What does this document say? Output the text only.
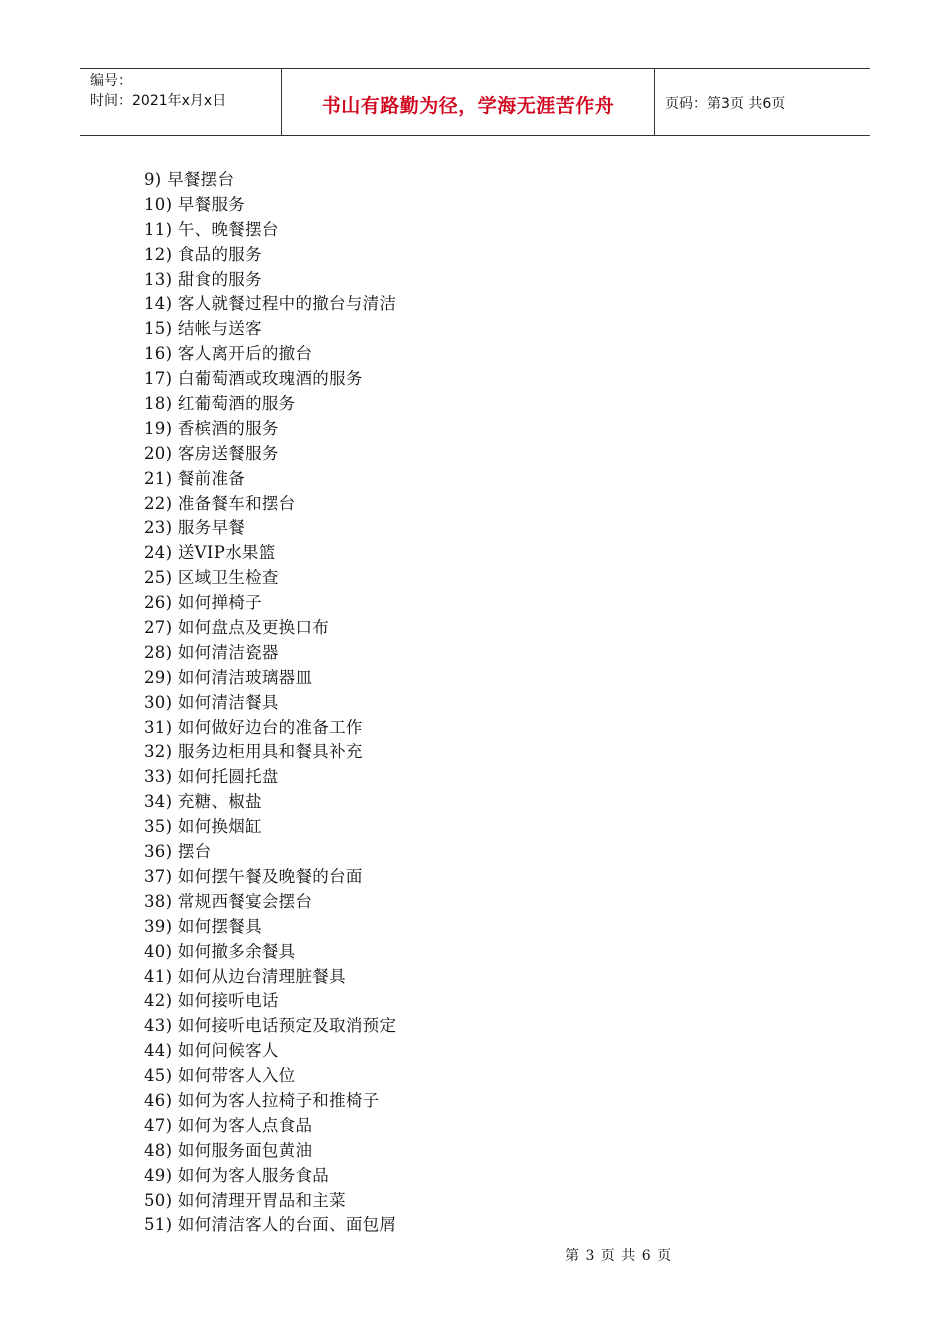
编号：
时间：2021年x月x日	书山有路勤为径，学海无涯苦作舟	页码：第3页 共6页
9) 早餐摆台
10) 早餐服务
11) 午、晚餐摆台
12) 食品的服务
13) 甜食的服务
14) 客人就餐过程中的撤台与清洁
15) 结帐与送客
16) 客人离开后的撤台
17) 白葡萄酒或玫瑰酒的服务
18) 红葡萄酒的服务
19) 香槟酒的服务
20) 客房送餐服务
21) 餐前准备
22) 准备餐车和摆台
23) 服务早餐
24) 送VIP水果篮
25) 区域卫生检查
26) 如何掸椅子
27) 如何盘点及更换口布
28) 如何清洁瓷器
29) 如何清洁玻璃器皿
30) 如何清洁餐具
31) 如何做好边台的准备工作
32) 服务边柜用具和餐具补充
33) 如何托圆托盘
34) 充糖、椒盐
35) 如何换烟缸
36) 摆台
37) 如何摆午餐及晚餐的台面
38) 常规西餐宴会摆台
39) 如何摆餐具
40) 如何撤多余餐具
41) 如何从边台清理脏餐具
42) 如何接听电话
43) 如何接听电话预定及取消预定
44) 如何问候客人
45) 如何带客人入位
46) 如何为客人拉椅子和推椅子
47) 如何为客人点食品
48) 如何服务面包黄油
49) 如何为客人服务食品
50) 如何清理开胃品和主菜
51) 如何清洁客人的台面、面包屑
第 3 页 共 6 页
